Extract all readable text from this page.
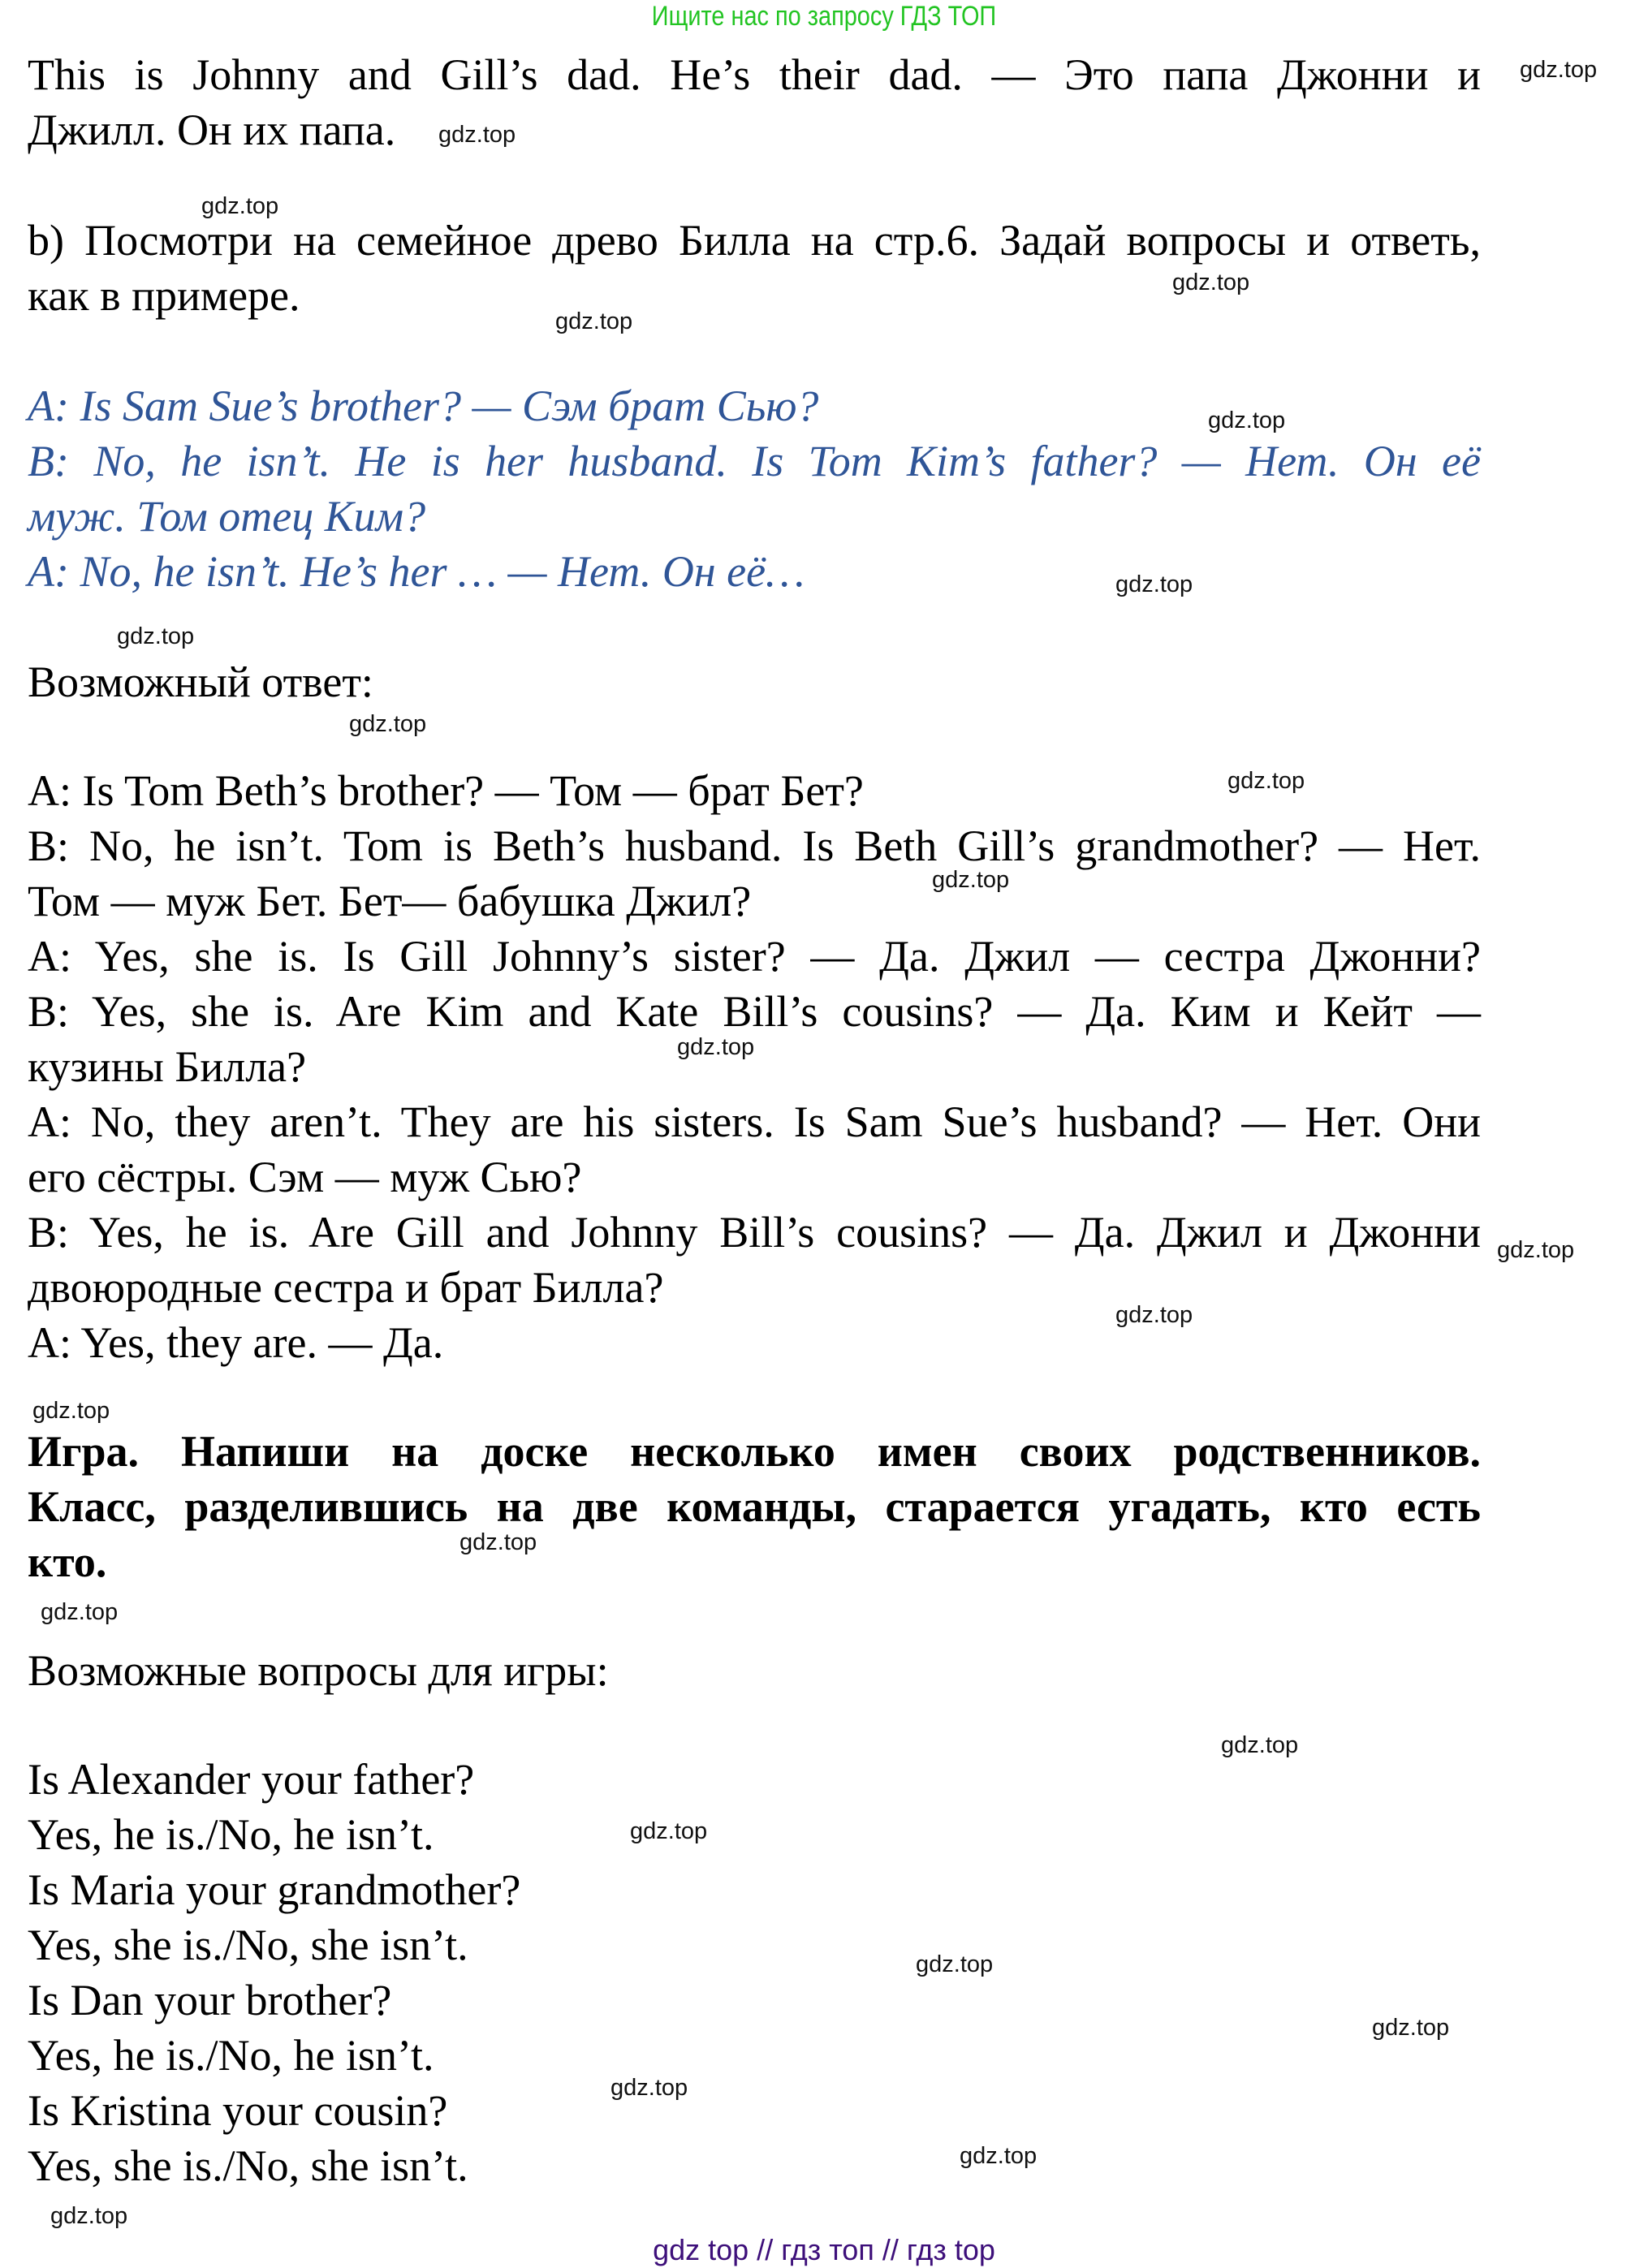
Ищите нас по запросу ГДЗ ТОП
This is Johnny and Gill’s dad. He’s their dad. — Это папа Джонни и
Джилл. Он их папа.
b) Посмотри на семейное древо Билла на стр.6. Задай вопросы и ответь,
как в примере.
A: Is Sam Sue’s brother? — Сэм брат Сью?
B: No, he isn’t. He is her husband. Is Tom Kim’s father? — Нет. Он её
муж. Том отец Ким?
A: No, he isn’t. He’s her … — Нет. Он её…
Возможный ответ:
A: Is Tom Beth’s brother? — Том — брат Бет?
B: No, he isn’t. Tom is Beth’s husband. Is Beth Gill’s grandmother? — Нет.
Том — муж Бет. Бет— бабушка Джил?
A: Yes, she is. Is Gill Johnny’s sister? — Да. Джил — сестра Джонни?
B: Yes, she is. Are Kim and Kate Bill’s cousins? — Да. Ким и Кейт —
кузины Билла?
A: No, they aren’t. They are his sisters. Is Sam Sue’s husband? — Нет. Они
его сёстры. Сэм — муж Сью?
B: Yes, he is. Are Gill and Johnny Bill’s cousins? — Да. Джил и Джонни
двоюродные сестра и брат Билла?
A: Yes, they are. — Да.
Игра. Напиши на доске несколько имен своих родственников.
Класс, разделившись на две команды, старается угадать, кто есть
кто.
Возможные вопросы для игры:
Is Alexander your father?
Yes, he is./No, he isn’t.
Is Maria your grandmother?
Yes, she is./No, she isn’t.
Is Dan your brother?
Yes, he is./No, he isn’t.
Is Kristina your cousin?
Yes, she is./No, she isn’t.
gdz.top
gdz.top
gdz.top
gdz.top
gdz.top
gdz.top
gdz.top
gdz.top
gdz.top
gdz.top
gdz.top
gdz.top
gdz.top
gdz.top
gdz.top
gdz.top
gdz.top
gdz.top
gdz.top
gdz.top
gdz.top
gdz.top
gdz.top
gdz.top
gdz top // гдз топ // гдз top
